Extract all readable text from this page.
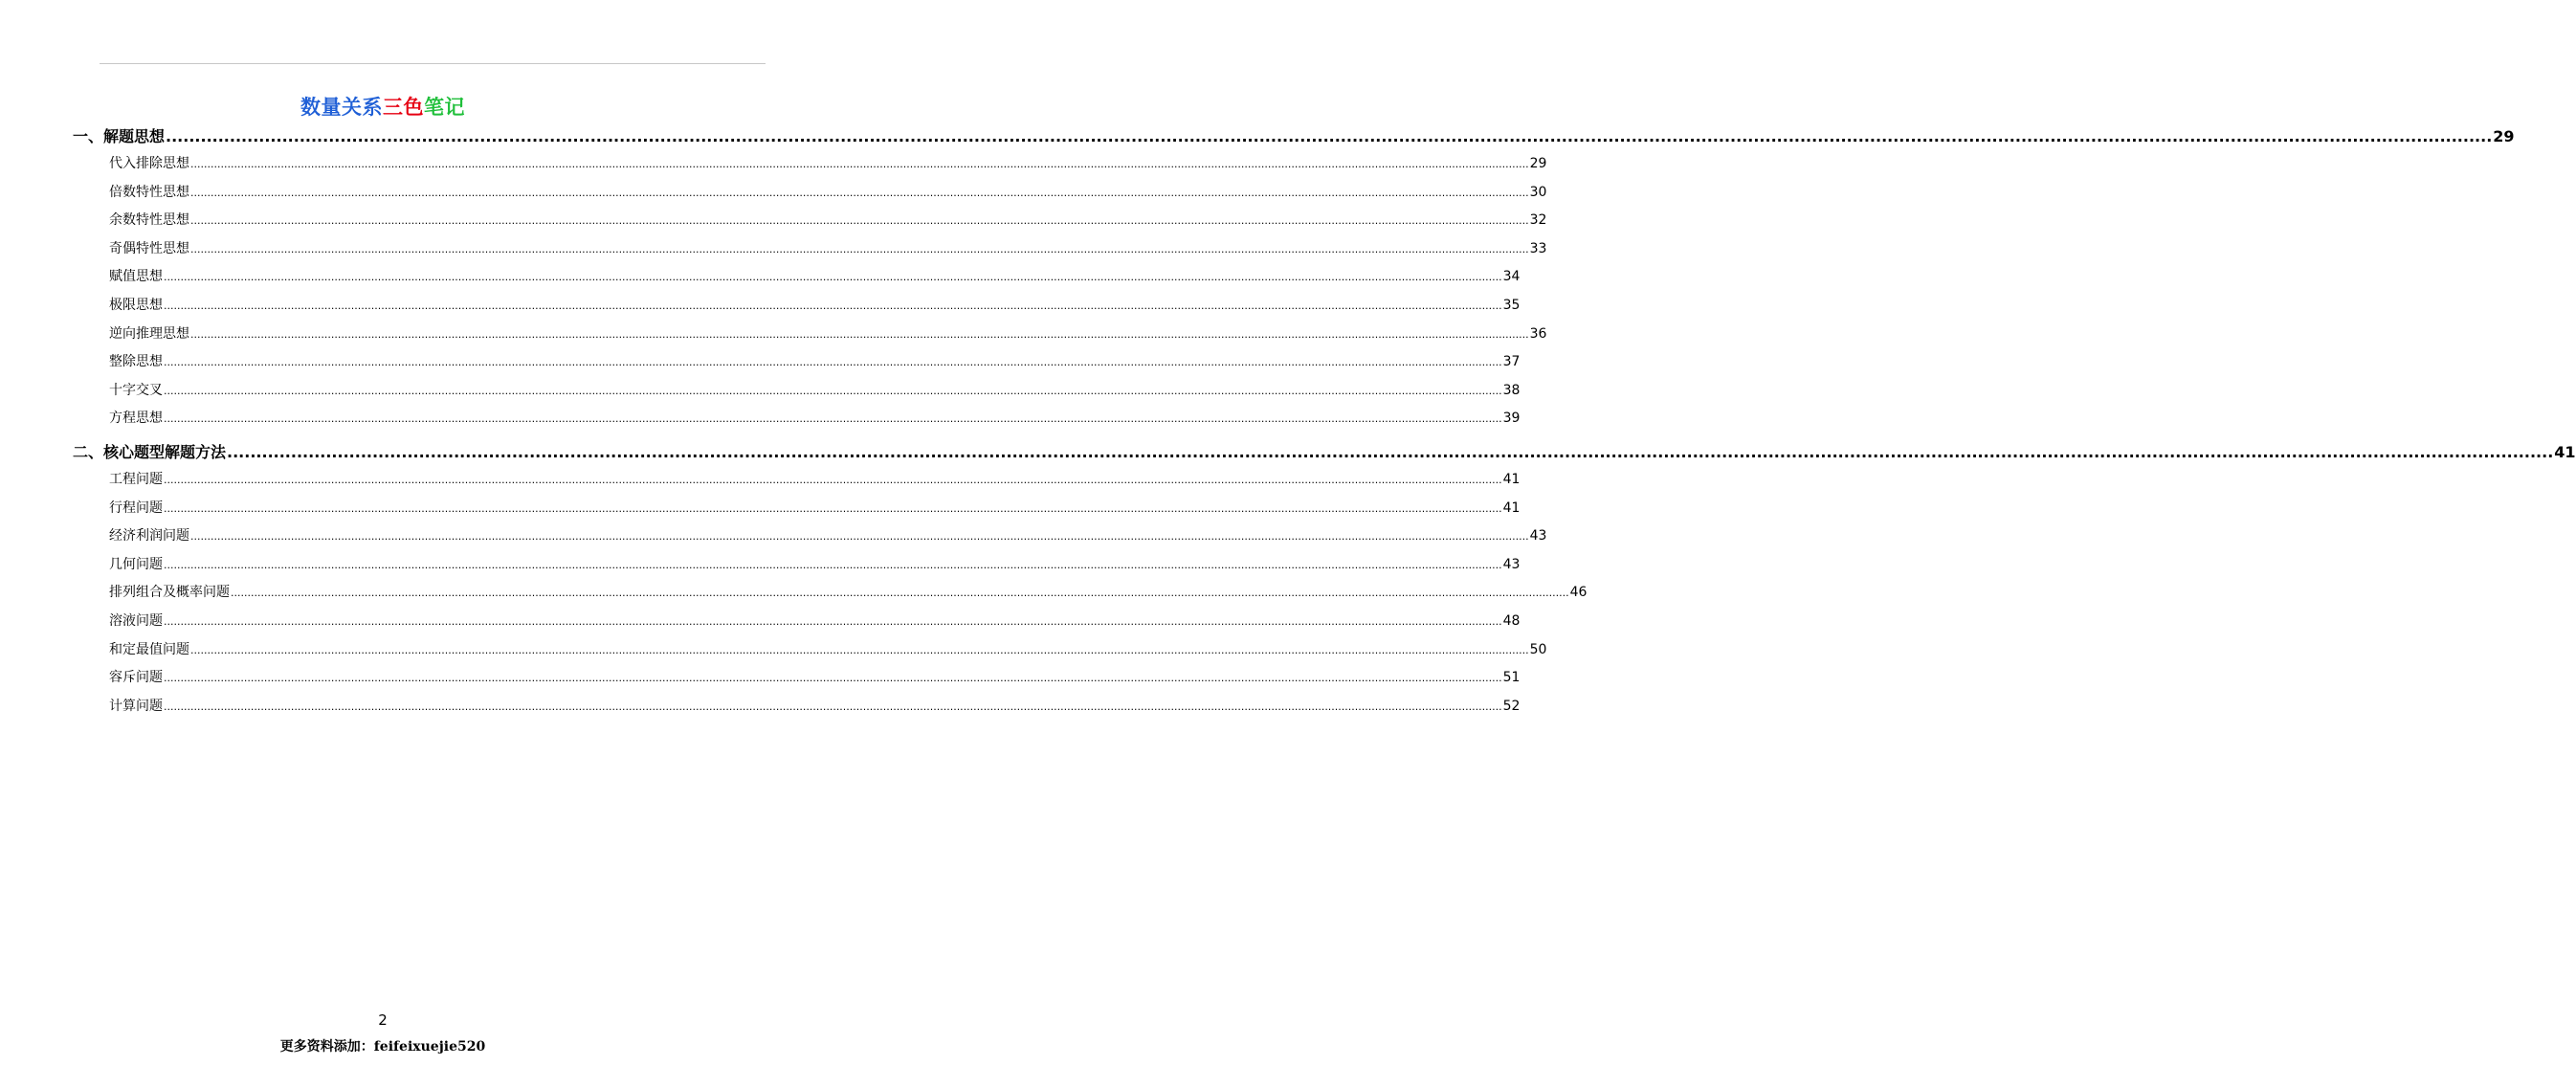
数量关系三色笔记
一、解题思想 ................................................................................................................................................................................................................................................................................................................................................................................................................ 29
代入排除思想 ................................................................................................................................................................................................................................................................................................................................................................................................................ 29
倍数特性思想 ................................................................................................................................................................................................................................................................................................................................................................................................................ 30
余数特性思想 ................................................................................................................................................................................................................................................................................................................................................................................................................ 32
奇偶特性思想 ................................................................................................................................................................................................................................................................................................................................................................................................................ 33
赋值思想 ................................................................................................................................................................................................................................................................................................................................................................................................................ 34
极限思想 ................................................................................................................................................................................................................................................................................................................................................................................................................ 35
逆向推理思想 ................................................................................................................................................................................................................................................................................................................................................................................................................ 36
整除思想 ................................................................................................................................................................................................................................................................................................................................................................................................................ 37
十字交叉 ................................................................................................................................................................................................................................................................................................................................................................................................................ 38
方程思想 ................................................................................................................................................................................................................................................................................................................................................................................................................ 39
二、核心题型解题方法 ................................................................................................................................................................................................................................................................................................................................................................................................................ 41
工程问题 ................................................................................................................................................................................................................................................................................................................................................................................................................ 41
行程问题 ................................................................................................................................................................................................................................................................................................................................................................................................................ 41
经济利润问题 ................................................................................................................................................................................................................................................................................................................................................................................................................ 43
几何问题 ................................................................................................................................................................................................................................................................................................................................................................................................................ 43
排列组合及概率问题 ................................................................................................................................................................................................................................................................................................................................................................................................................ 46
溶液问题 ................................................................................................................................................................................................................................................................................................................................................................................................................ 48
和定最值问题 ................................................................................................................................................................................................................................................................................................................................................................................................................ 50
容斥问题 ................................................................................................................................................................................................................................................................................................................................................................................................................ 51
计算问题 ................................................................................................................................................................................................................................................................................................................................................................................................................ 52
2
更多资料添加：feifeixuejie520
